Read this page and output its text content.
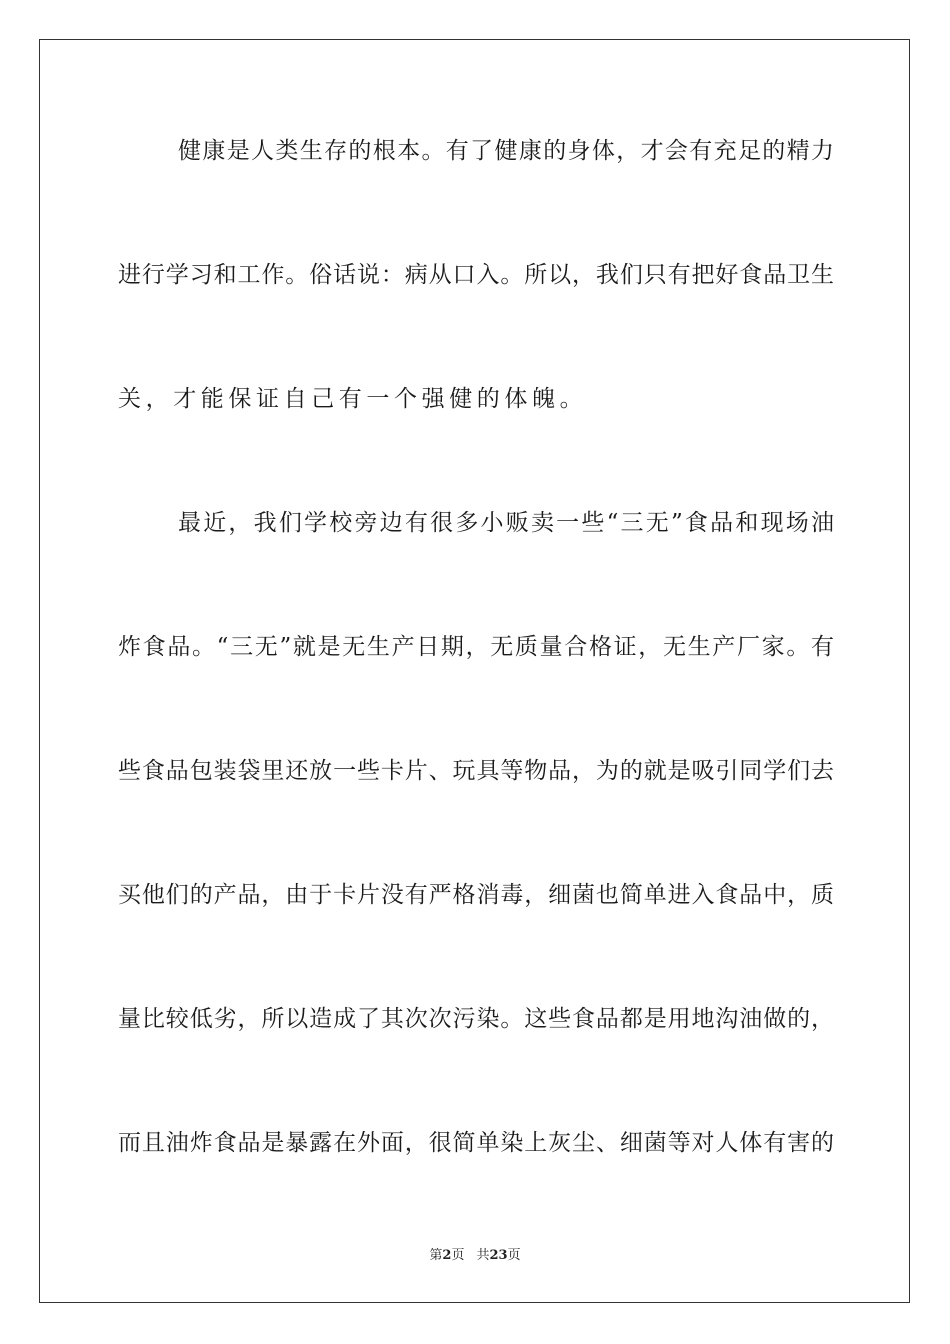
健康是人类生存的根本。有了健康的身体，才会有充足的精力
进行学习和工作。俗话说：病从口入。所以，我们只有把好食品卫生
关，才能保证自己有一个强健的体魄。
最近，我们学校旁边有很多小贩卖一些“三无”食品和现场油
炸食品。“三无”就是无生产日期，无质量合格证，无生产厂家。有
些食品包装袋里还放一些卡片、玩具等物品，为的就是吸引同学们去
买他们的产品，由于卡片没有严格消毒，细菌也简单进入食品中，质
量比较低劣，所以造成了其次次污染。这些食品都是用地沟油做的，
而且油炸食品是暴露在外面，很简单染上灰尘、细菌等对人体有害的
第2页 共23页
